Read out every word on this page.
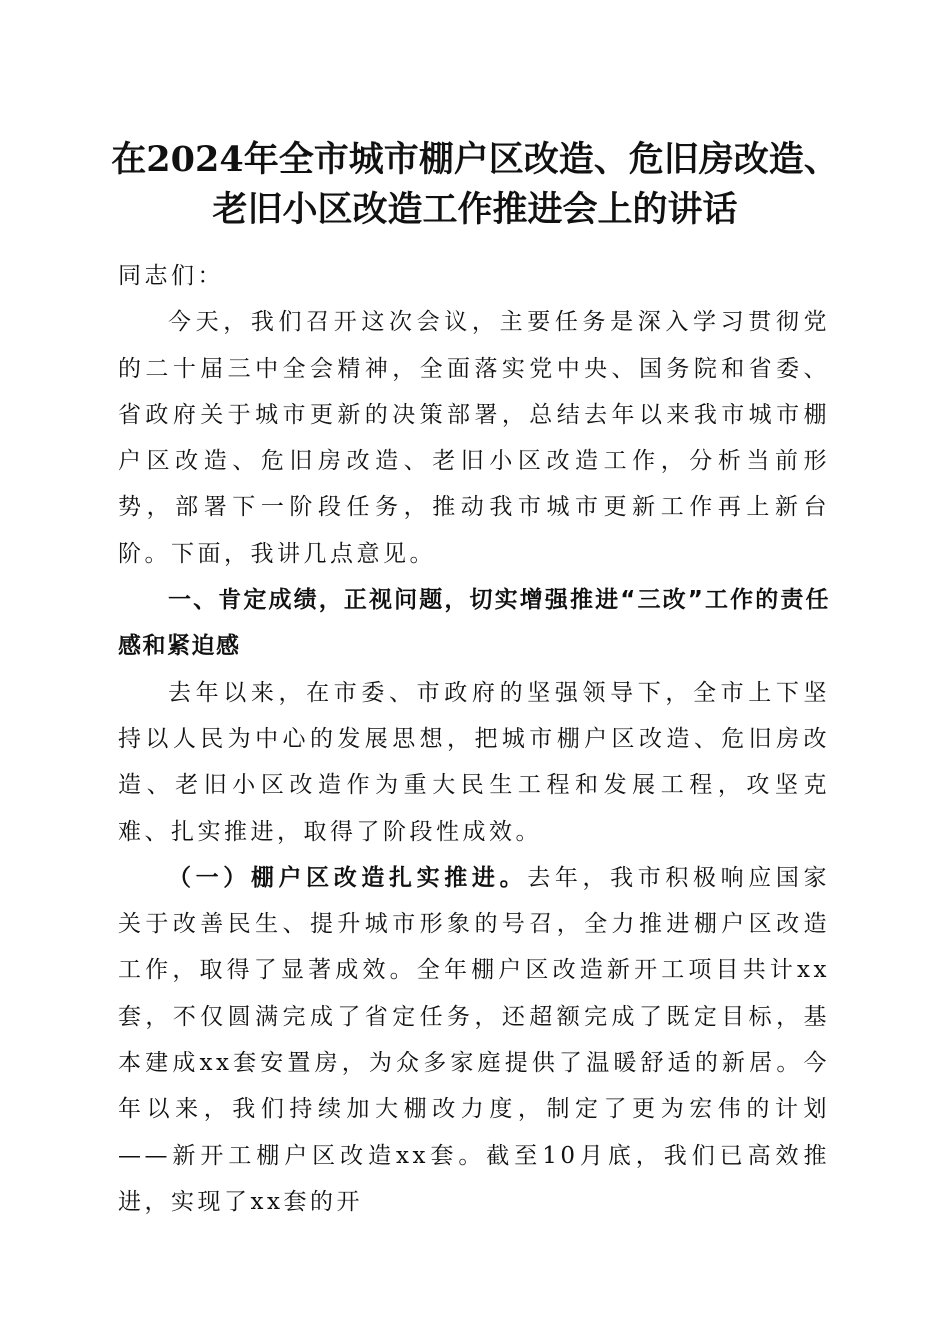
在2024年全市城市棚户区改造、危旧房改造、
老旧小区改造工作推进会上的讲话

同志们：

今天，我们召开这次会议，主要任务是深入学习贯彻党的二十届三中全会精神，全面落实党中央、国务院和省委、省政府关于城市更新的决策部署，总结去年以来我市城市棚户区改造、危旧房改造、老旧小区改造工作，分析当前形势，部署下一阶段任务，推动我市城市更新工作再上新台阶。下面，我讲几点意见。

一、肯定成绩，正视问题，切实增强推进“三改”工作的责任感和紧迫感

去年以来，在市委、市政府的坚强领导下，全市上下坚持以人民为中心的发展思想，把城市棚户区改造、危旧房改造、老旧小区改造作为重大民生工程和发展工程，攻坚克难、扎实推进，取得了阶段性成效。

（一）棚户区改造扎实推进。去年，我市积极响应国家关于改善民生、提升城市形象的号召，全力推进棚户区改造工作，取得了显著成效。全年棚户区改造新开工项目共计xx套，不仅圆满完成了省定任务，还超额完成了既定目标，基本建成xx套安置房，为众多家庭提供了温暖舒适的新居。今年以来，我们持续加大棚改力度，制定了更为宏伟的计划——新开工棚户区改造xx套。截至10月底，我们已高效推进，实现了xx套的开
